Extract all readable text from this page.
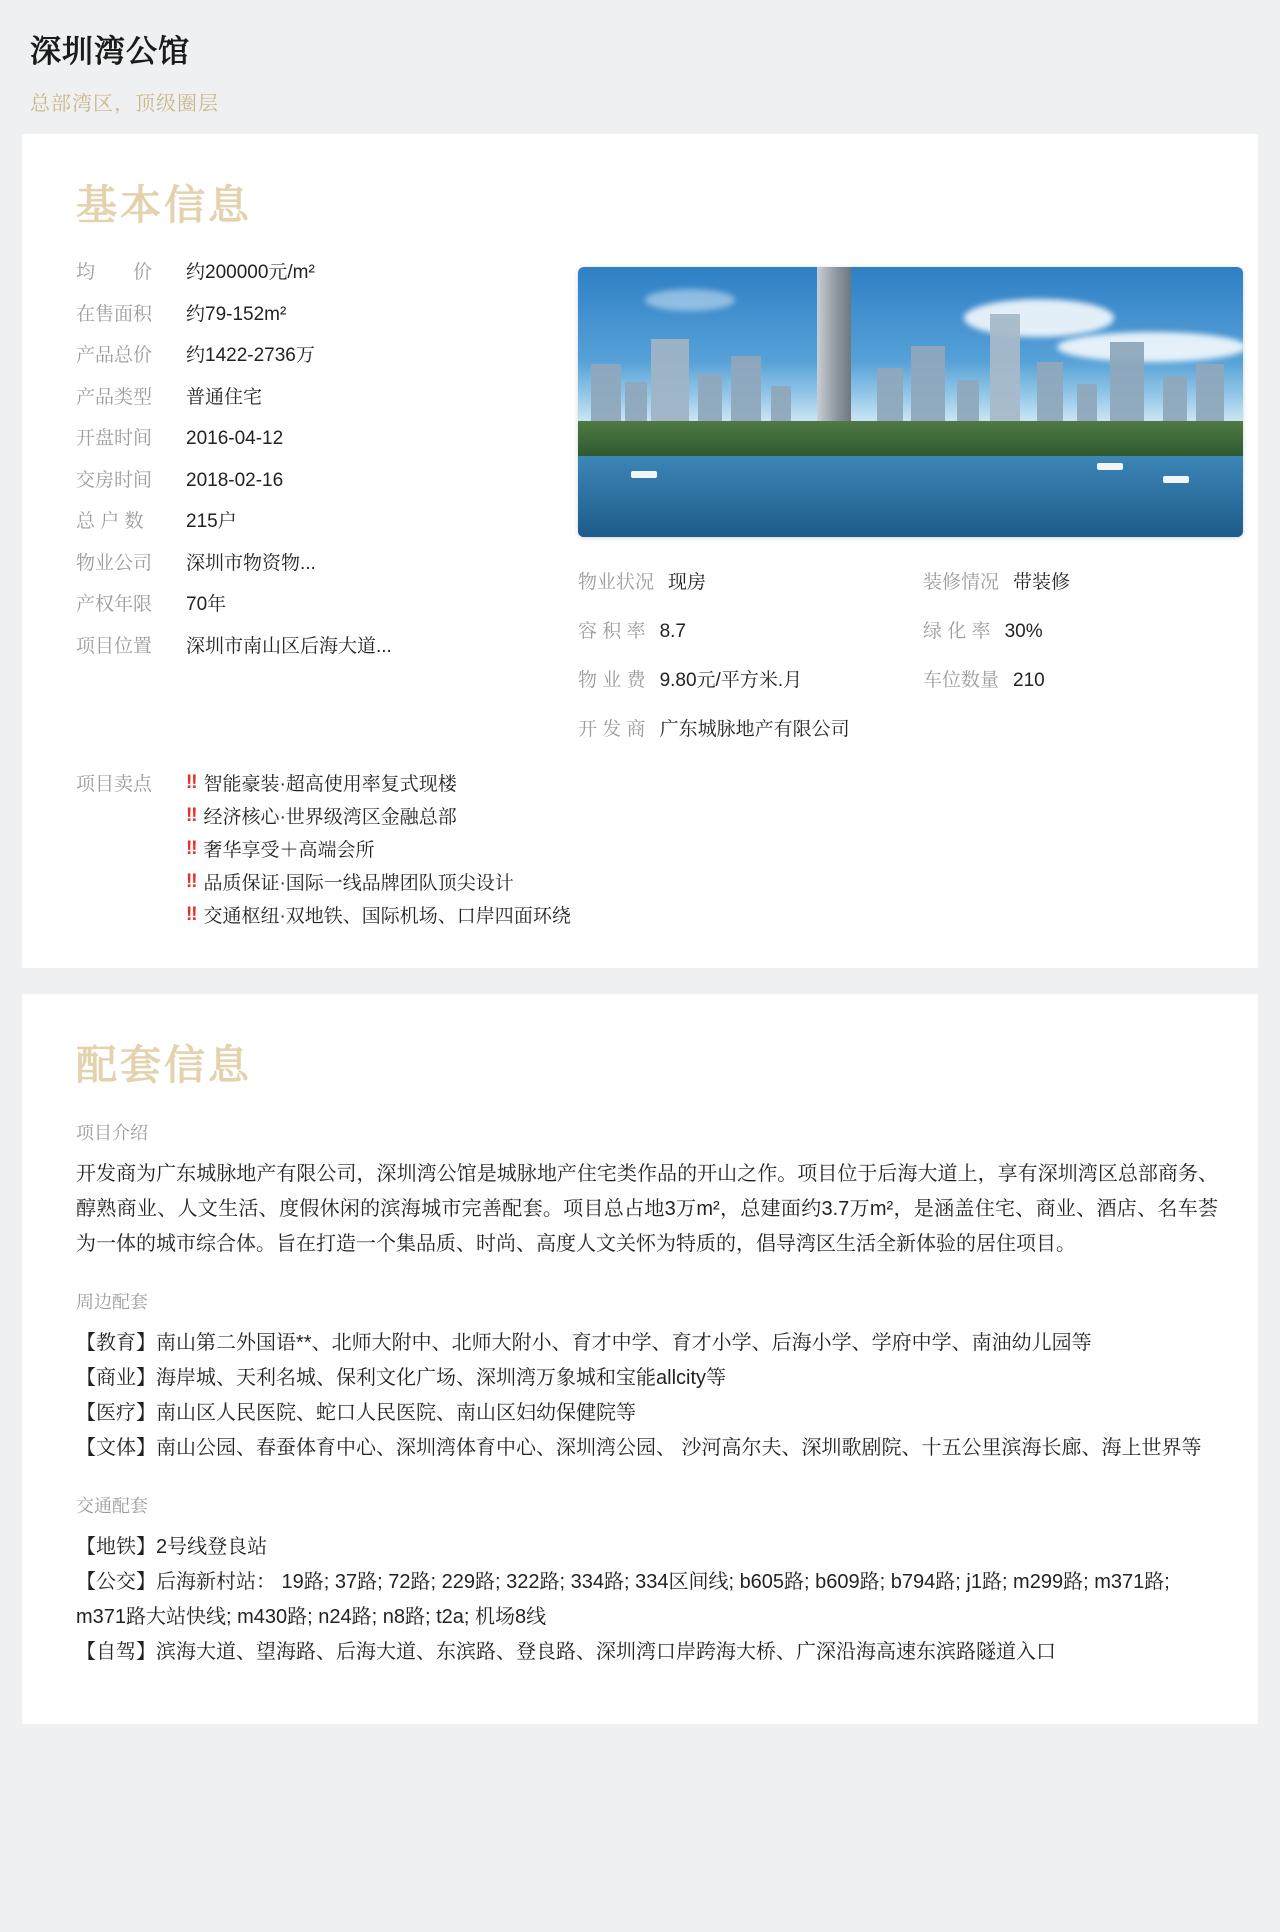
深圳湾公馆

总部湾区，顶级圈层

基本信息
均　　价	约200000元/m²
在售面积	约79-152m²
产品总价	约1422-2736万
产品类型	普通住宅
开盘时间	2016-04-12
交房时间	2018-02-16
总 户 数	215户
物业公司	深圳市物资物...
产权年限	70年
项目位置	深圳市南山区后海大道...
物业状况 现房	装修情况 带装修
容 积 率 8.7	绿 化 率 30%
物 业 费 9.80元/平方米.月	车位数量 210
开 发 商 广东城脉地产有限公司
项目卖点	‼ 智能豪装·超高使用率复式现楼
‼ 经济核心·世界级湾区金融总部
‼ 奢华享受＋高端会所
‼ 品质保证·国际一线品牌团队顶尖设计
‼ 交通枢纽·双地铁、国际机场、口岸四面环绕
配套信息
项目介绍

开发商为广东城脉地产有限公司，深圳湾公馆是城脉地产住宅类作品的开山之作。项目位于后海大道上，享有深圳湾区总部商务、醇熟商业、人文生活、度假休闲的滨海城市完善配套。项目总占地3万m²，总建面约3.7万m²，是涵盖住宅、商业、酒店、名车荟为一体的城市综合体。旨在打造一个集品质、时尚、高度人文关怀为特质的，倡导湾区生活全新体验的居住项目。

周边配套
【教育】南山第二外国语**、北师大附中、北师大附小、育才中学、育才小学、后海小学、学府中学、南油幼儿园等
【商业】海岸城、天利名城、保利文化广场、深圳湾万象城和宝能allcity等
【医疗】南山区人民医院、蛇口人民医院、南山区妇幼保健院等
【文体】南山公园、春蚕体育中心、深圳湾体育中心、深圳湾公园、 沙河高尔夫、深圳歌剧院、十五公里滨海长廊、海上世界等
交通配套
【地铁】2号线登良站
【公交】后海新村站： 19路; 37路; 72路; 229路; 322路; 334路; 334区间线; b605路; b609路; b794路; j1路; m299路; m371路; m371路大站快线; m430路; n24路; n8路; t2a; 机场8线
【自驾】滨海大道、望海路、后海大道、东滨路、登良路、深圳湾口岸跨海大桥、广深沿海高速东滨路隧道入口
